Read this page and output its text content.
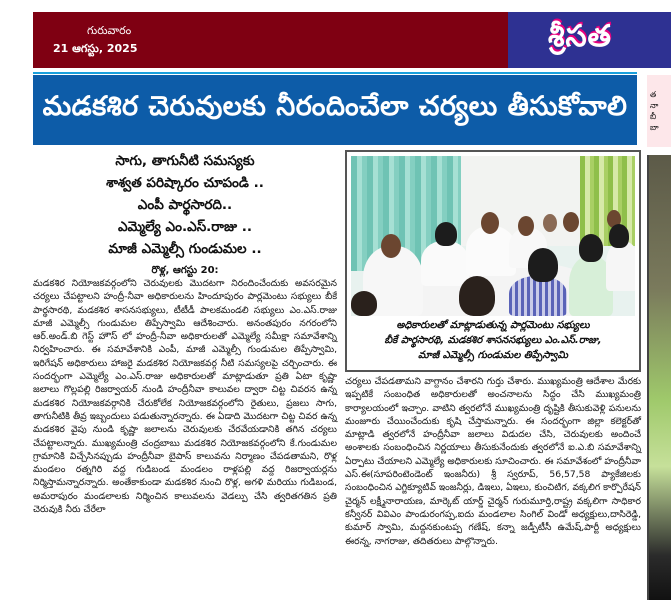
గురువారం
21 ఆగస్టు, 2025	శ్రీసత
మడకశిర చెరువులకు నీరందించేలా చర్యలు తీసుకోవాలి
సాగు, తాగునీటి సమస్యకు
శాశ్వత పరిష్కారం చూపండి ..
ఎంపీ పార్థసారది..
ఎమ్మెల్యే ఎం.ఎస్.రాజు ..
మాజీ ఎమ్మెల్సీ గుండుమల ..
రొళ్ల, ఆగస్టు 20:

మడకశిర నియోజకవర్గంలోని చెరువులకు మొదటగా నిరందించేందుకు అవసరమైన చర్యలు చేపట్టాలని హంద్రీ-నీవా అధికారులను హిందూపురం పార్లమెంటు సభ్యులు బీకే పార్థసారథి, మడకశిర శాసనసభ్యులు, టీటీడీ పాలకమండలి సభ్యులు ఎం.ఎస్.రాజు మాజీ ఎమ్మెల్సీ గుండుమల తిప్పేస్వామి ఆదేశించారు. అనంతపురం నగరంలోని ఆర్.అండ్.బి గెస్ట్ హౌస్ లో హంద్రీ-నీవా అధికారులతో ఎమ్మెల్యే సమీక్షా సమావేశాన్ని నిర్వహించారు. ఈ సమావేశానికి ఎంపీ, మాజీ ఎమ్మెల్సీ గుండుమల తిప్పేస్వామి, ఇరిగేషన్ అధికారులు హాజరై మడకశిర నియోజకవర్గ నీటి సమస్యలపై చర్చించారు. ఈ సందర్భంగా ఎమ్మెల్యే ఎం.ఎస్.రాజు అధికారులతో మాట్లాడుతూ ప్రతి ఏటా కృష్ణా జలాలు గొల్లపల్లి రిజర్వాయర్ నుండి హంద్రీనీవా కాలువల ద్వారా చిట్ట చివరన ఉన్న మడకశిర నియోజకవర్గానికి చేరుకోలేక నియోజకవర్గంలోని రైతులు, ప్రజలు సాగు, తాగునీటికి తీవ్ర ఇబ్బందులు పడుతున్నారన్నారు. ఈ ఏడాది మొదటగా చిట్ట చివర ఉన్న మడకశిర వైపు నుండి కృష్ణా జలాలను చెరువులకు చేరవేయడానికి తగిన చర్యలు చేపట్టాలన్నారు. ముఖ్యమంత్రి చంద్రబాబు మడకశిర నియోజకవర్గంలోని కే.గుండుమల గ్రామానికి విచ్చేసినప్పుడు హంద్రీనీవా బైపాస్ కాలువను నిర్మాణం చేపడతామని, రొళ్ల మండలం రత్నగిరి వద్ద గుడిబండ మండలం రాళ్లపల్లి వద్ద రిజర్వాయర్లను నిర్మిస్తామన్నారన్నారు. అంతేకాకుండా మడకశిర నుంచి రొళ్ల, అగళి మరియు గుడిబండ, అమరాపురం మండలాలకు నిర్మించిన కాలువలను వెడల్పు చేసి త్వరితగతిన ప్రతి చెరువుకి నీరు చేరేలా

అధికారులతో మాట్లాడుతున్న పార్లమెంటు సభ్యులు
బీకే పార్థసారథి, మడకశిర శాసనసభ్యులు ఎం.ఎస్.రాజు,
మాజీ ఎమ్మెల్సీ గుండుమల తిప్పేస్వామి

చర్యలు చేపడతామని వాగ్దానం చేశారని గుర్తు చేశారు. ముఖ్యమంత్రి ఆదేశాల మేరకు ఇప్పటికే సంబంధిత అధికారులతో అంచనాలను సిద్ధం చేసి ముఖ్యమంత్రి కార్యాలయంలో ఇచ్చాం. వాటిని త్వరలోనే ముఖ్యమంత్రి దృష్టికి తీసుకువెళ్లి పనులను మంజూరు చేయించేందుకు కృషి చేస్తామన్నారు. ఈ సందర్భంగా జిల్లా కలెక్టర్‌తో మాట్లాడి త్వరలోనే హంద్రీనీవా జలాలు విడుదల చేసి, చెరువులకు అందించే అంశాలకు సంబంధించిన నిర్ణయాలు తీసుకునేందుకు త్వరలోనే ఐ.ఎ.బి సమావేశాన్ని ఏర్పాటు చేయాలని ఎమ్మెల్యే అధికారులకు సూచించారు. ఈ సమావేశంలో హంద్రీనీవా ఎస్.ఈ(సూపరింటెండెంట్ ఇంజనీరు) శ్రీ స్వరూప్, 56,57,58 ప్యాకేజిలకు సంబంధించిన ఎగ్జిక్యూటివ్ ఇంజనీర్లు, డిఇలు, ఏఇలు, కుంచిటిగ, వక్కలిగ కార్పొరేషన్ చైర్మన్ లక్ష్మీనారాయణ, మార్కెట్ యార్డ్ చైర్మన్ గురుమూర్తి,రాష్ట్ర వక్కలిగా సాధికార కన్వీనర్ వివిఎం పాండురంగప్ప,ఐదు మండలాల సింగిల్ విండో అధ్యక్షులు,దాసిరెడ్డి, కుమార్ స్వామి, మద్దనకుంటప్ప గణేష్, కన్నా జడ్పీటీసీ ఉమేష్,పార్టీ అధ్యక్షులు ఈరన్న, నాగరాజు, తదితరులు పాల్గొన్నారు.

త
నా
బీ
బా
